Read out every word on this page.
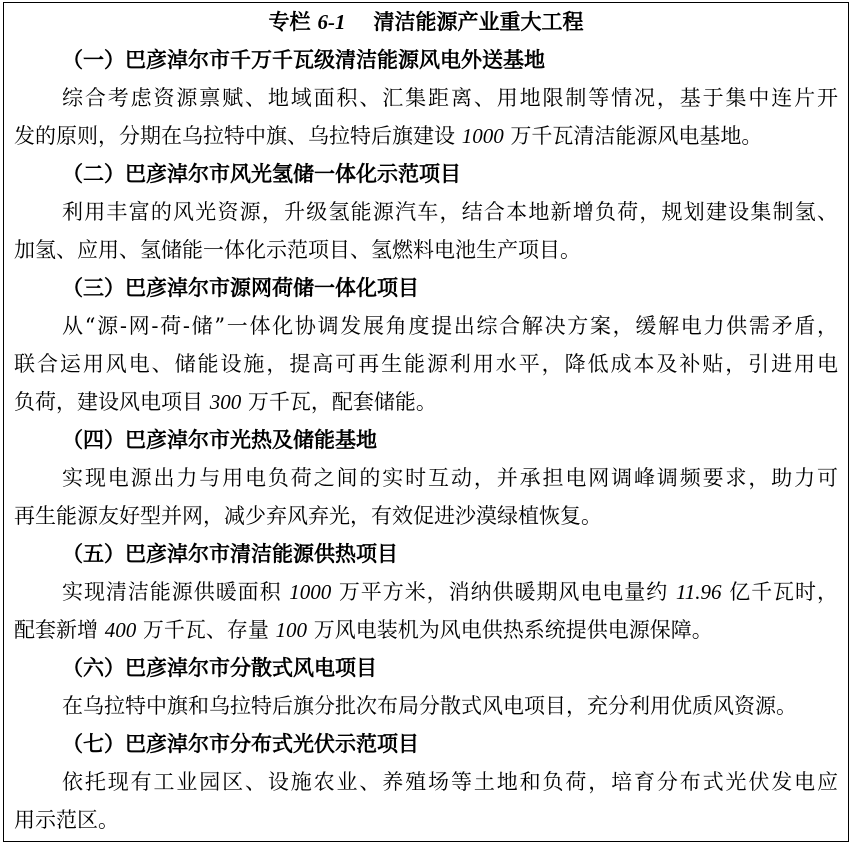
专栏 6-1 清洁能源产业重大工程
（一）巴彦淖尔市千万千瓦级清洁能源风电外送基地
综合考虑资源禀赋、地域面积、汇集距离、用地限制等情况，基于集中连片开
发的原则，分期在乌拉特中旗、乌拉特后旗建设 1000 万千瓦清洁能源风电基地。
（二）巴彦淖尔市风光氢储一体化示范项目
利用丰富的风光资源，升级氢能源汽车，结合本地新增负荷，规划建设集制氢、
加氢、应用、氢储能一体化示范项目、氢燃料电池生产项目。
（三）巴彦淖尔市源网荷储一体化项目
从“源-网-荷-储”一体化协调发展角度提出综合解决方案，缓解电力供需矛盾，
联合运用风电、储能设施，提高可再生能源利用水平，降低成本及补贴，引进用电
负荷，建设风电项目 300 万千瓦，配套储能。
（四）巴彦淖尔市光热及储能基地
实现电源出力与用电负荷之间的实时互动，并承担电网调峰调频要求，助力可
再生能源友好型并网，减少弃风弃光，有效促进沙漠绿植恢复。
（五）巴彦淖尔市清洁能源供热项目
实现清洁能源供暖面积 1000 万平方米，消纳供暖期风电电量约 11.96 亿千瓦时，
配套新增 400 万千瓦、存量 100 万风电装机为风电供热系统提供电源保障。
（六）巴彦淖尔市分散式风电项目
在乌拉特中旗和乌拉特后旗分批次布局分散式风电项目，充分利用优质风资源。
（七）巴彦淖尔市分布式光伏示范项目
依托现有工业园区、设施农业、养殖场等土地和负荷，培育分布式光伏发电应
用示范区。
